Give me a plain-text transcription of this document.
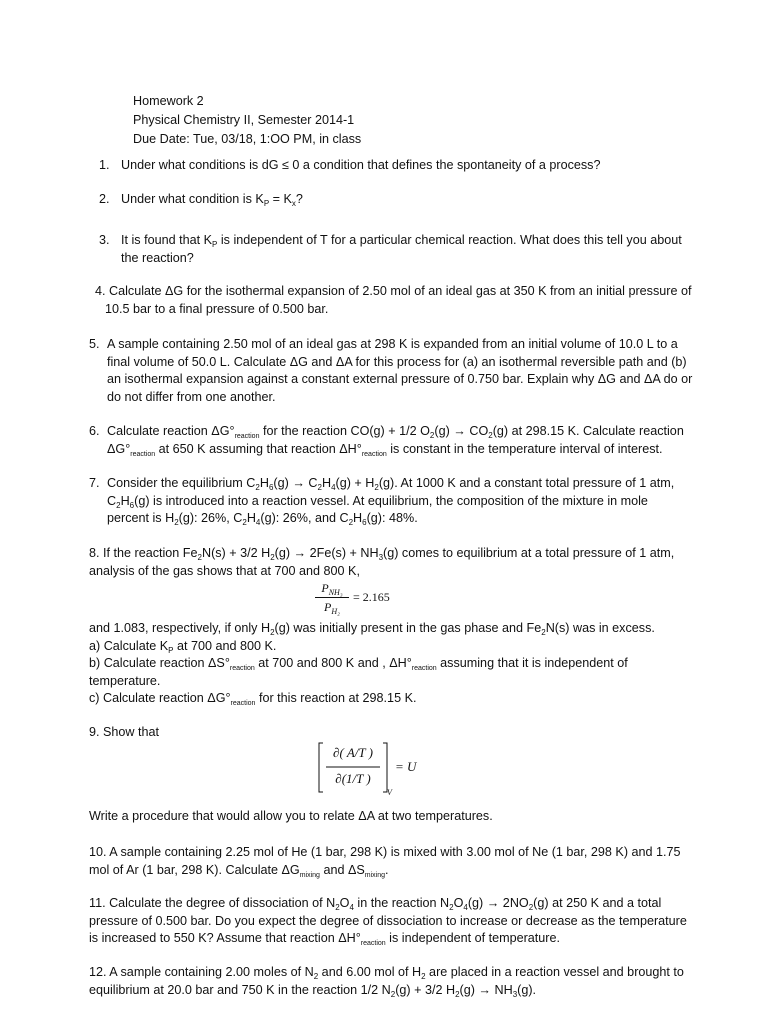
Homework 2
Physical Chemistry II, Semester 2014-1
Due Date: Tue, 03/18, 1:OO PM, in class
1. Under what conditions is dG ≤ 0 a condition that defines the spontaneity of a process?
2. Under what condition is $K_P = K_x$?
3. It is found that $K_P$ is independent of T for a particular chemical reaction. What does this tell you about
the reaction?
4. Calculate ΔG for the isothermal expansion of 2.50 mol of an ideal gas at 350 K from an initial pressure of
10.5 bar to a final pressure of 0.500 bar.
5. A sample containing 2.50 mol of an ideal gas at 298 K is expanded from an initial volume of 10.0 L to a
final volume of 50.0 L. Calculate ΔG and ΔA for this process for (a) an isothermal reversible path and (b)
an isothermal expansion against a constant external pressure of 0.750 bar. Explain why ΔG and ΔA do or
do not differ from one another.
6. Calculate reaction $\Delta G^\circ_{reaction}$ for the reaction CO(g) + 1/2 $O_2(g) \to CO_2(g)$ at 298.15 K. Calculate reaction
$\Delta G^\circ_{reaction}$ at 650 K assuming that reaction $\Delta H^\circ_{reaction}$ is constant in the temperature interval of interest.
7. Consider the equilibrium $C_2H_6(g) \to C_2H_4(g) + H_2(g)$. At 1000 K and a constant total pressure of 1 atm,
$C_2H_6(g)$ is introduced into a reaction vessel. At equilibrium, the composition of the mixture in mole
percent is $H_2(g)$: 26%, $C_2H_4(g)$: 26%, and $C_2H_6(g)$: 48%.
8. If the reaction $Fe_2N(s) + 3/2$ $H_2(g) \to 2Fe(s) + NH_3(g)$ comes to equilibrium at a total pressure of 1 atm,
analysis of the gas shows that at 700 and 800 K,
$P_{NH_3}$
$P_{H_2}$
= 2.165
and 1.083, respectively, if only $H_2(g)$ was initially present in the gas phase and $Fe_2N(s)$ was in excess.
a) Calculate $K_P$ at 700 and 800 K.
b) Calculate reaction $\Delta S^\circ_{reaction}$ at 700 and 800 K and , $\Delta H^\circ_{reaction}$ assuming that it is independent of
temperature.
c) Calculate reaction $\Delta G^\circ_{reaction}$ for this reaction at 298.15 K.
9. Show that
∂( A/T )
∂(1/T )
V
= U
Write a procedure that would allow you to relate ΔA at two temperatures.
10. A sample containing 2.25 mol of He (1 bar, 298 K) is mixed with 3.00 mol of Ne (1 bar, 298 K) and 1.75
mol of Ar (1 bar, 298 K). Calculate $\Delta G_{mixing}$ and $\Delta S_{mixing}$.
11. Calculate the degree of dissociation of $N_2O_4$ in the reaction $N_2O_4(g) \to 2NO_2(g)$ at 250 K and a total
pressure of 0.500 bar. Do you expect the degree of dissociation to increase or decrease as the temperature
is increased to 550 K? Assume that reaction $\Delta H^\circ_{reaction}$ is independent of temperature.
12. A sample containing 2.00 moles of $N_2$ and 6.00 mol of $H_2$ are placed in a reaction vessel and brought to
equilibrium at 20.0 bar and 750 K in the reaction 1/2 $N_2(g) + 3/2$ $H_2(g) \to NH_3(g)$.
